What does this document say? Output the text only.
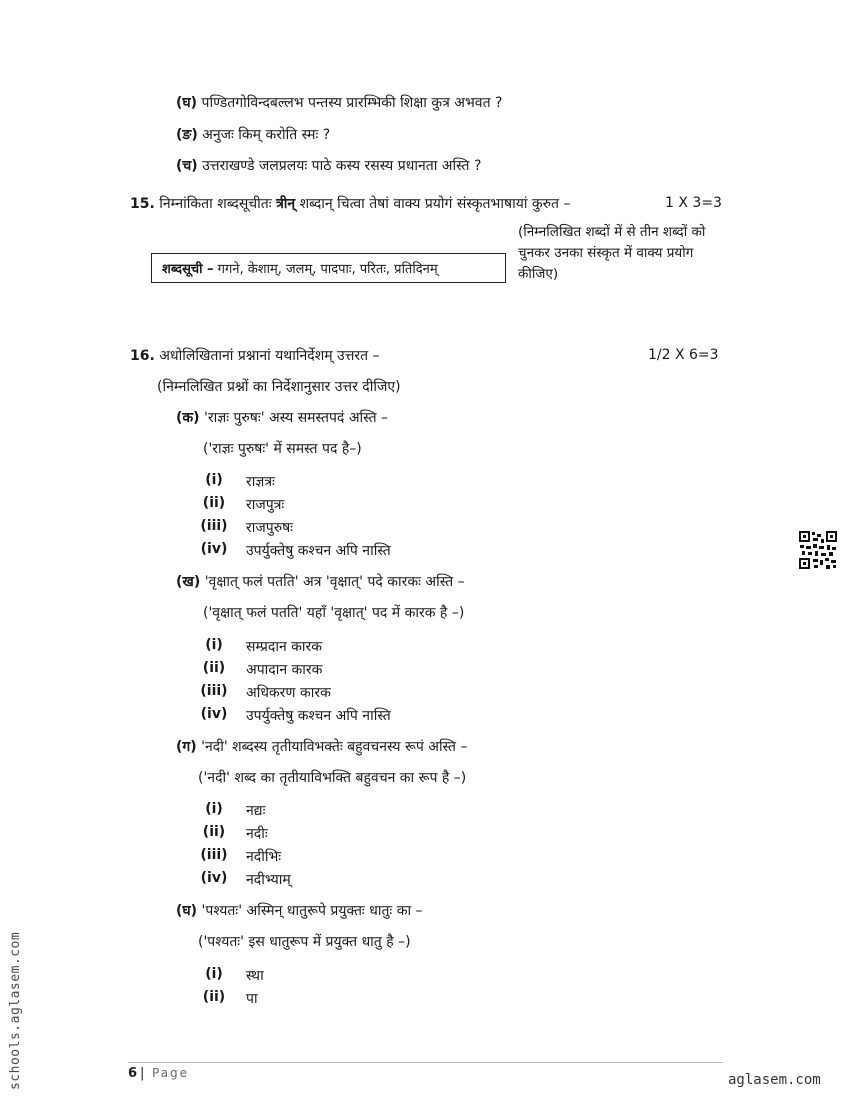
(घ) पण्डितगोविन्दबल्लभ पन्तस्य प्रारम्भिकी शिक्षा कुत्र अभवत ?
(ङ) अनुजः किम् करोति स्मः ?
(च) उत्तराखण्डे जलप्रलयः पाठे कस्य रसस्य प्रधानता अस्ति ?
15. निम्नांकिता शब्दसूचीतः त्रीन् शब्दान् चित्वा तेषां वाक्य प्रयोगं संस्कृतभाषायां कुरुत –	1 X 3=3
शब्दसूची –
गगने, केशाम्, जलम्, पादपाः, परितः, प्रतिदिनम्
(निम्नलिखित शब्दों में से तीन शब्दों को चुनकर उनका संस्कृत में वाक्य प्रयोग कीजिए)
16. अधोलिखितानां प्रश्नानां यथानिर्देशम् उत्तरत –	1/2 X 6=3
(निम्नलिखित प्रश्नों का निर्देशानुसार उत्तर दीजिए)
(क) 'राज्ञः पुरुषः' अस्य समस्तपदं अस्ति –
('राज्ञः पुरुषः' में समस्त पद है–)
(i)	राज्ञत्रः
(ii)	राजपुत्रः
(iii) राजपुरुषः
(iv) उपर्युक्तेषु कश्चन अपि नास्ति
(ख) 'वृक्षात् फलं पतति' अत्र 'वृक्षात्' पदे कारकः अस्ति –
('वृक्षात् फलं पतति' यहाँ 'वृक्षात्' पद में कारक है –)
(i)	सम्प्रदान कारक
(ii)	अपादान कारक
(iii) अधिकरण कारक
(iv) उपर्युक्तेषु कश्चन अपि नास्ति
(ग) 'नदी' शब्दस्य तृतीयाविभक्तेः बहुवचनस्य रूपं अस्ति –
('नदी' शब्द का तृतीयाविभक्ति बहुवचन का रूप है –)
(i)	नद्यः
(ii)	नदीः
(iii) नदीभिः
(iv) नदीभ्याम्
(घ) 'पश्यतः' अस्मिन् धातुरूपे प्रयुक्तः धातुः का –
('पश्यतः' इस धातुरूप में प्रयुक्त धातु है –)
(i)	स्था
(ii)	पा
schools.aglasem.com	6 | Page	aglasem.com
